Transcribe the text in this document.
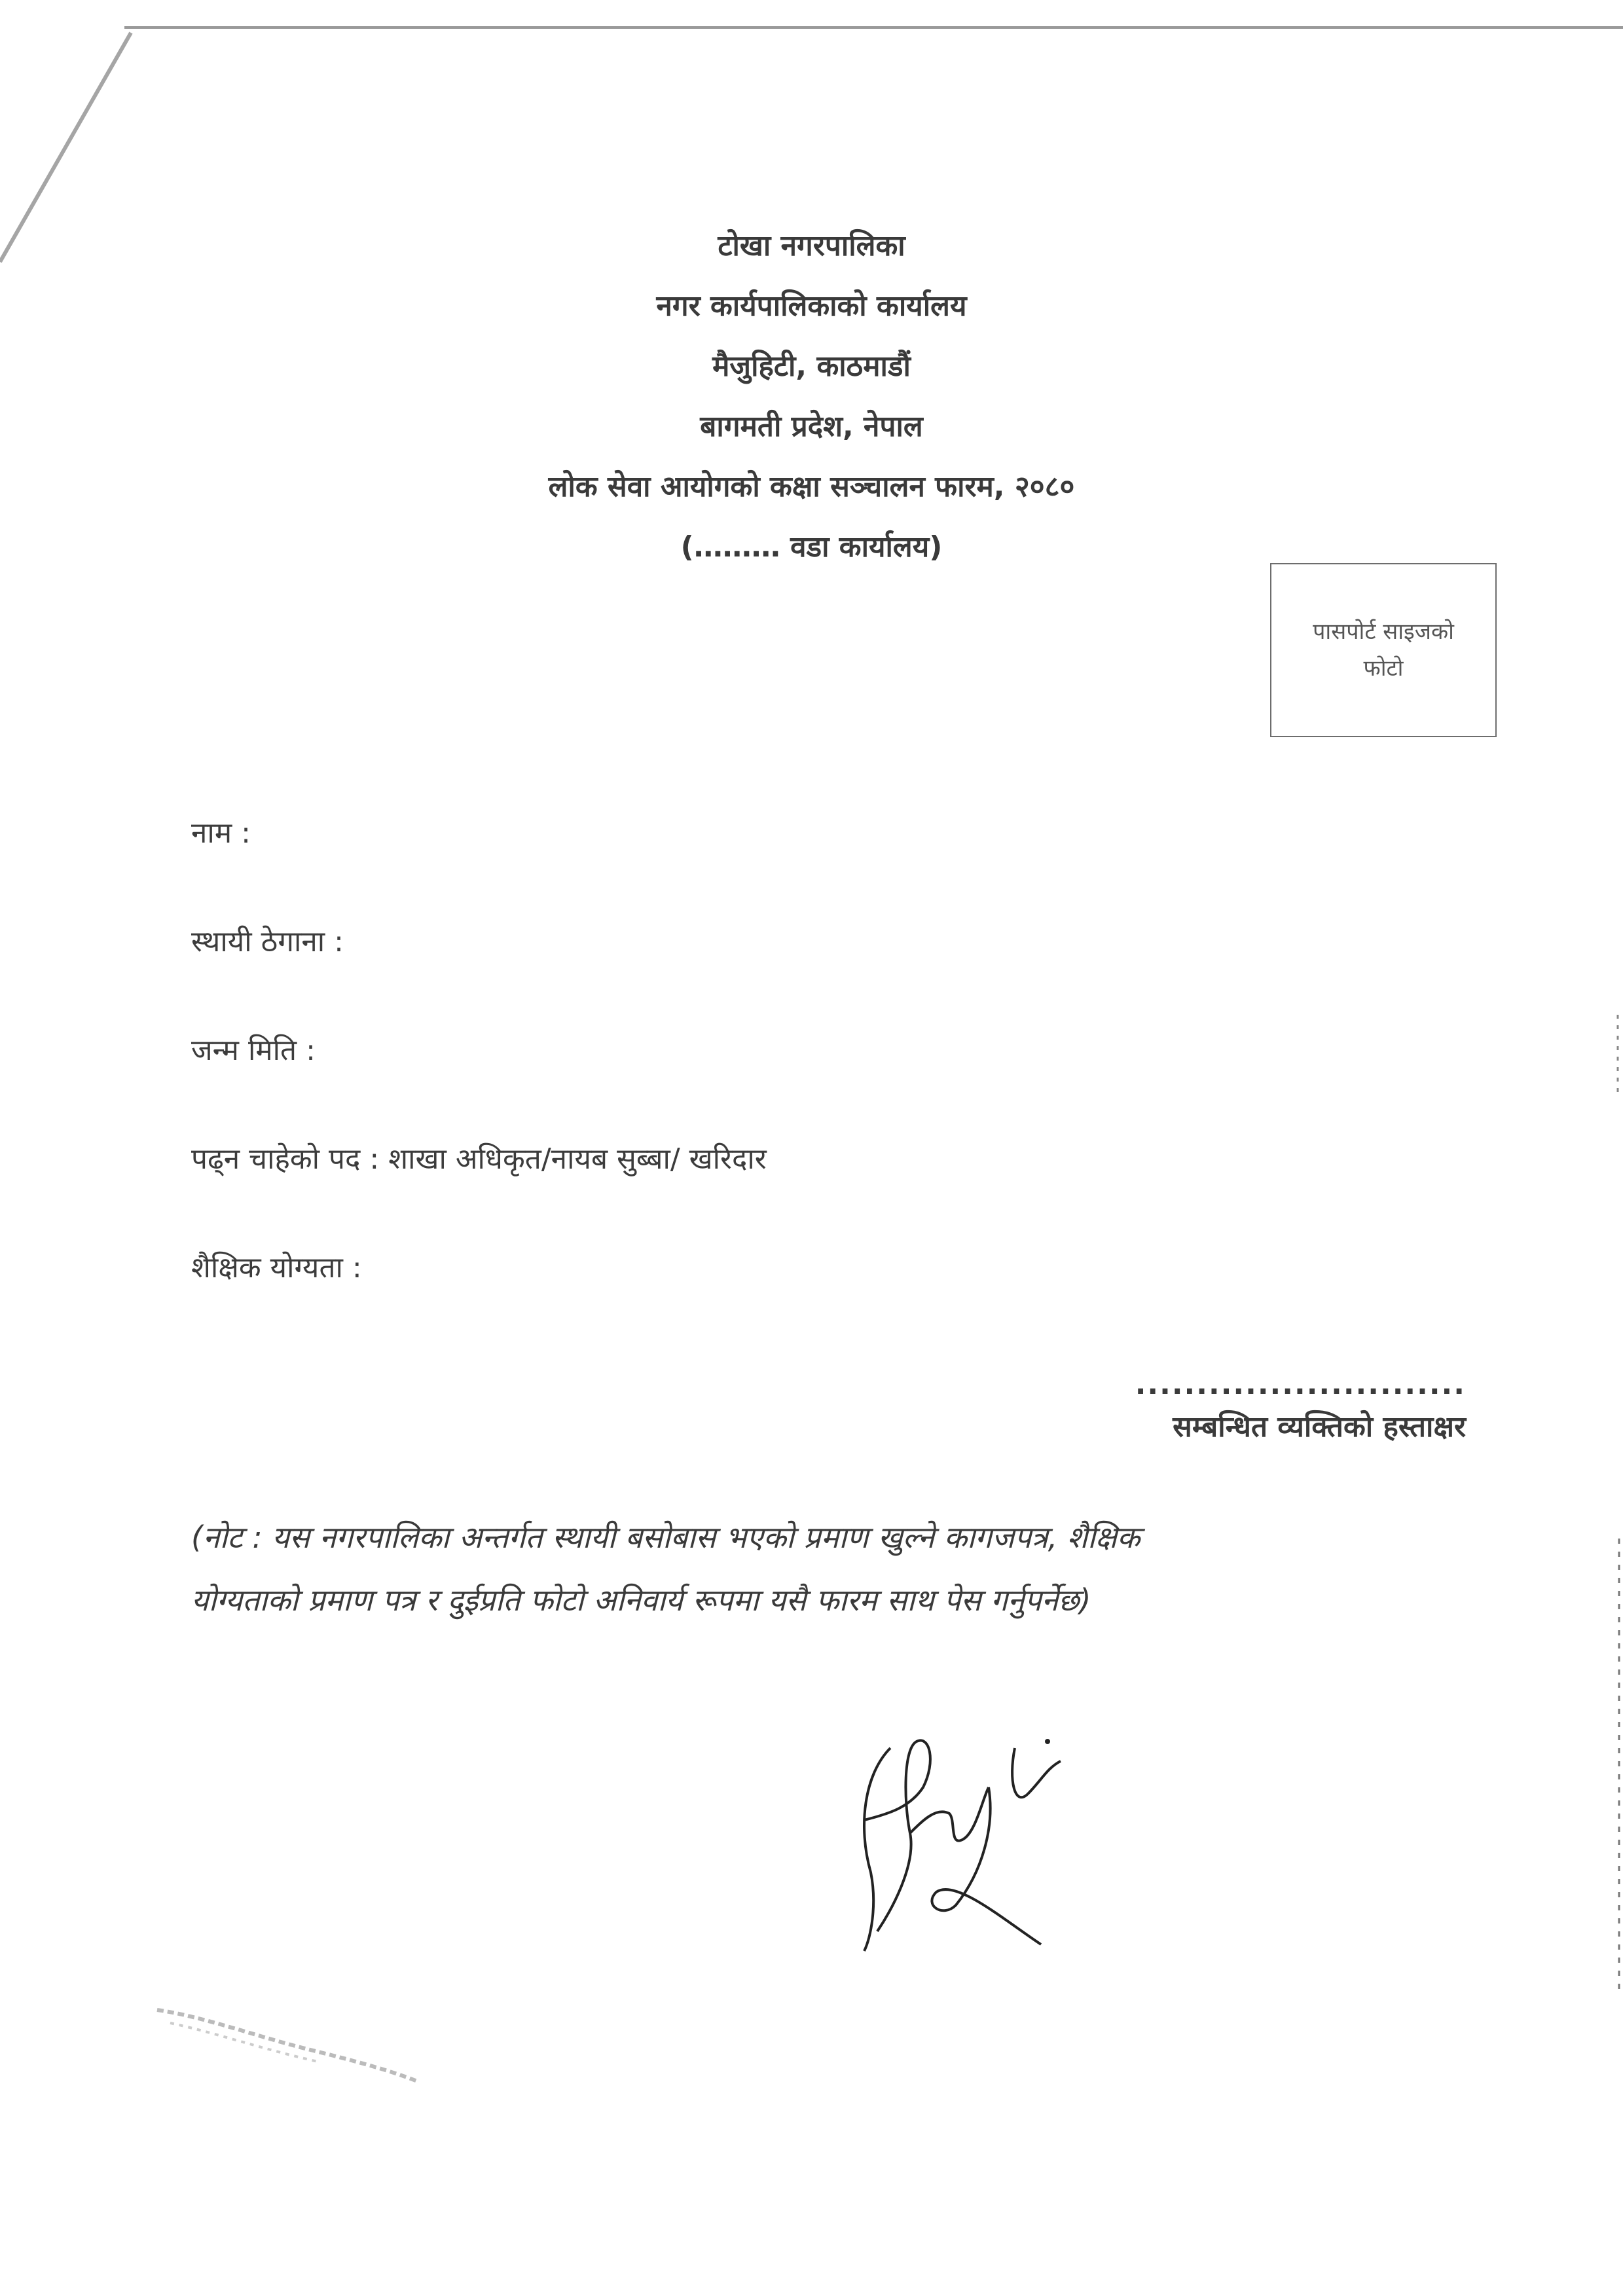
टोखा नगरपालिका
नगर कार्यपालिकाको कार्यालय
मैजुहिटी, काठमाडौं
बागमती प्रदेश, नेपाल
लोक सेवा आयोगको कक्षा सञ्चालन फारम, २०८०
(……… वडा कार्यालय)
पासपोर्ट साइजको
फोटो
नाम :
स्थायी ठेगाना :
जन्म मिति :
पढ्न चाहेको पद : शाखा अधिकृत/नायब सुब्बा/ खरिदार
शैक्षिक योग्यता :
...........................
सम्बन्धित व्यक्तिको हस्ताक्षर
(नोट : यस नगरपालिका अन्तर्गत स्थायी बसोबास भएको प्रमाण खुल्ने कागजपत्र, शैक्षिक
योग्यताको प्रमाण पत्र र दुईप्रति फोटो अनिवार्य रूपमा यसै फारम साथ पेस गर्नुपर्नेछ)
